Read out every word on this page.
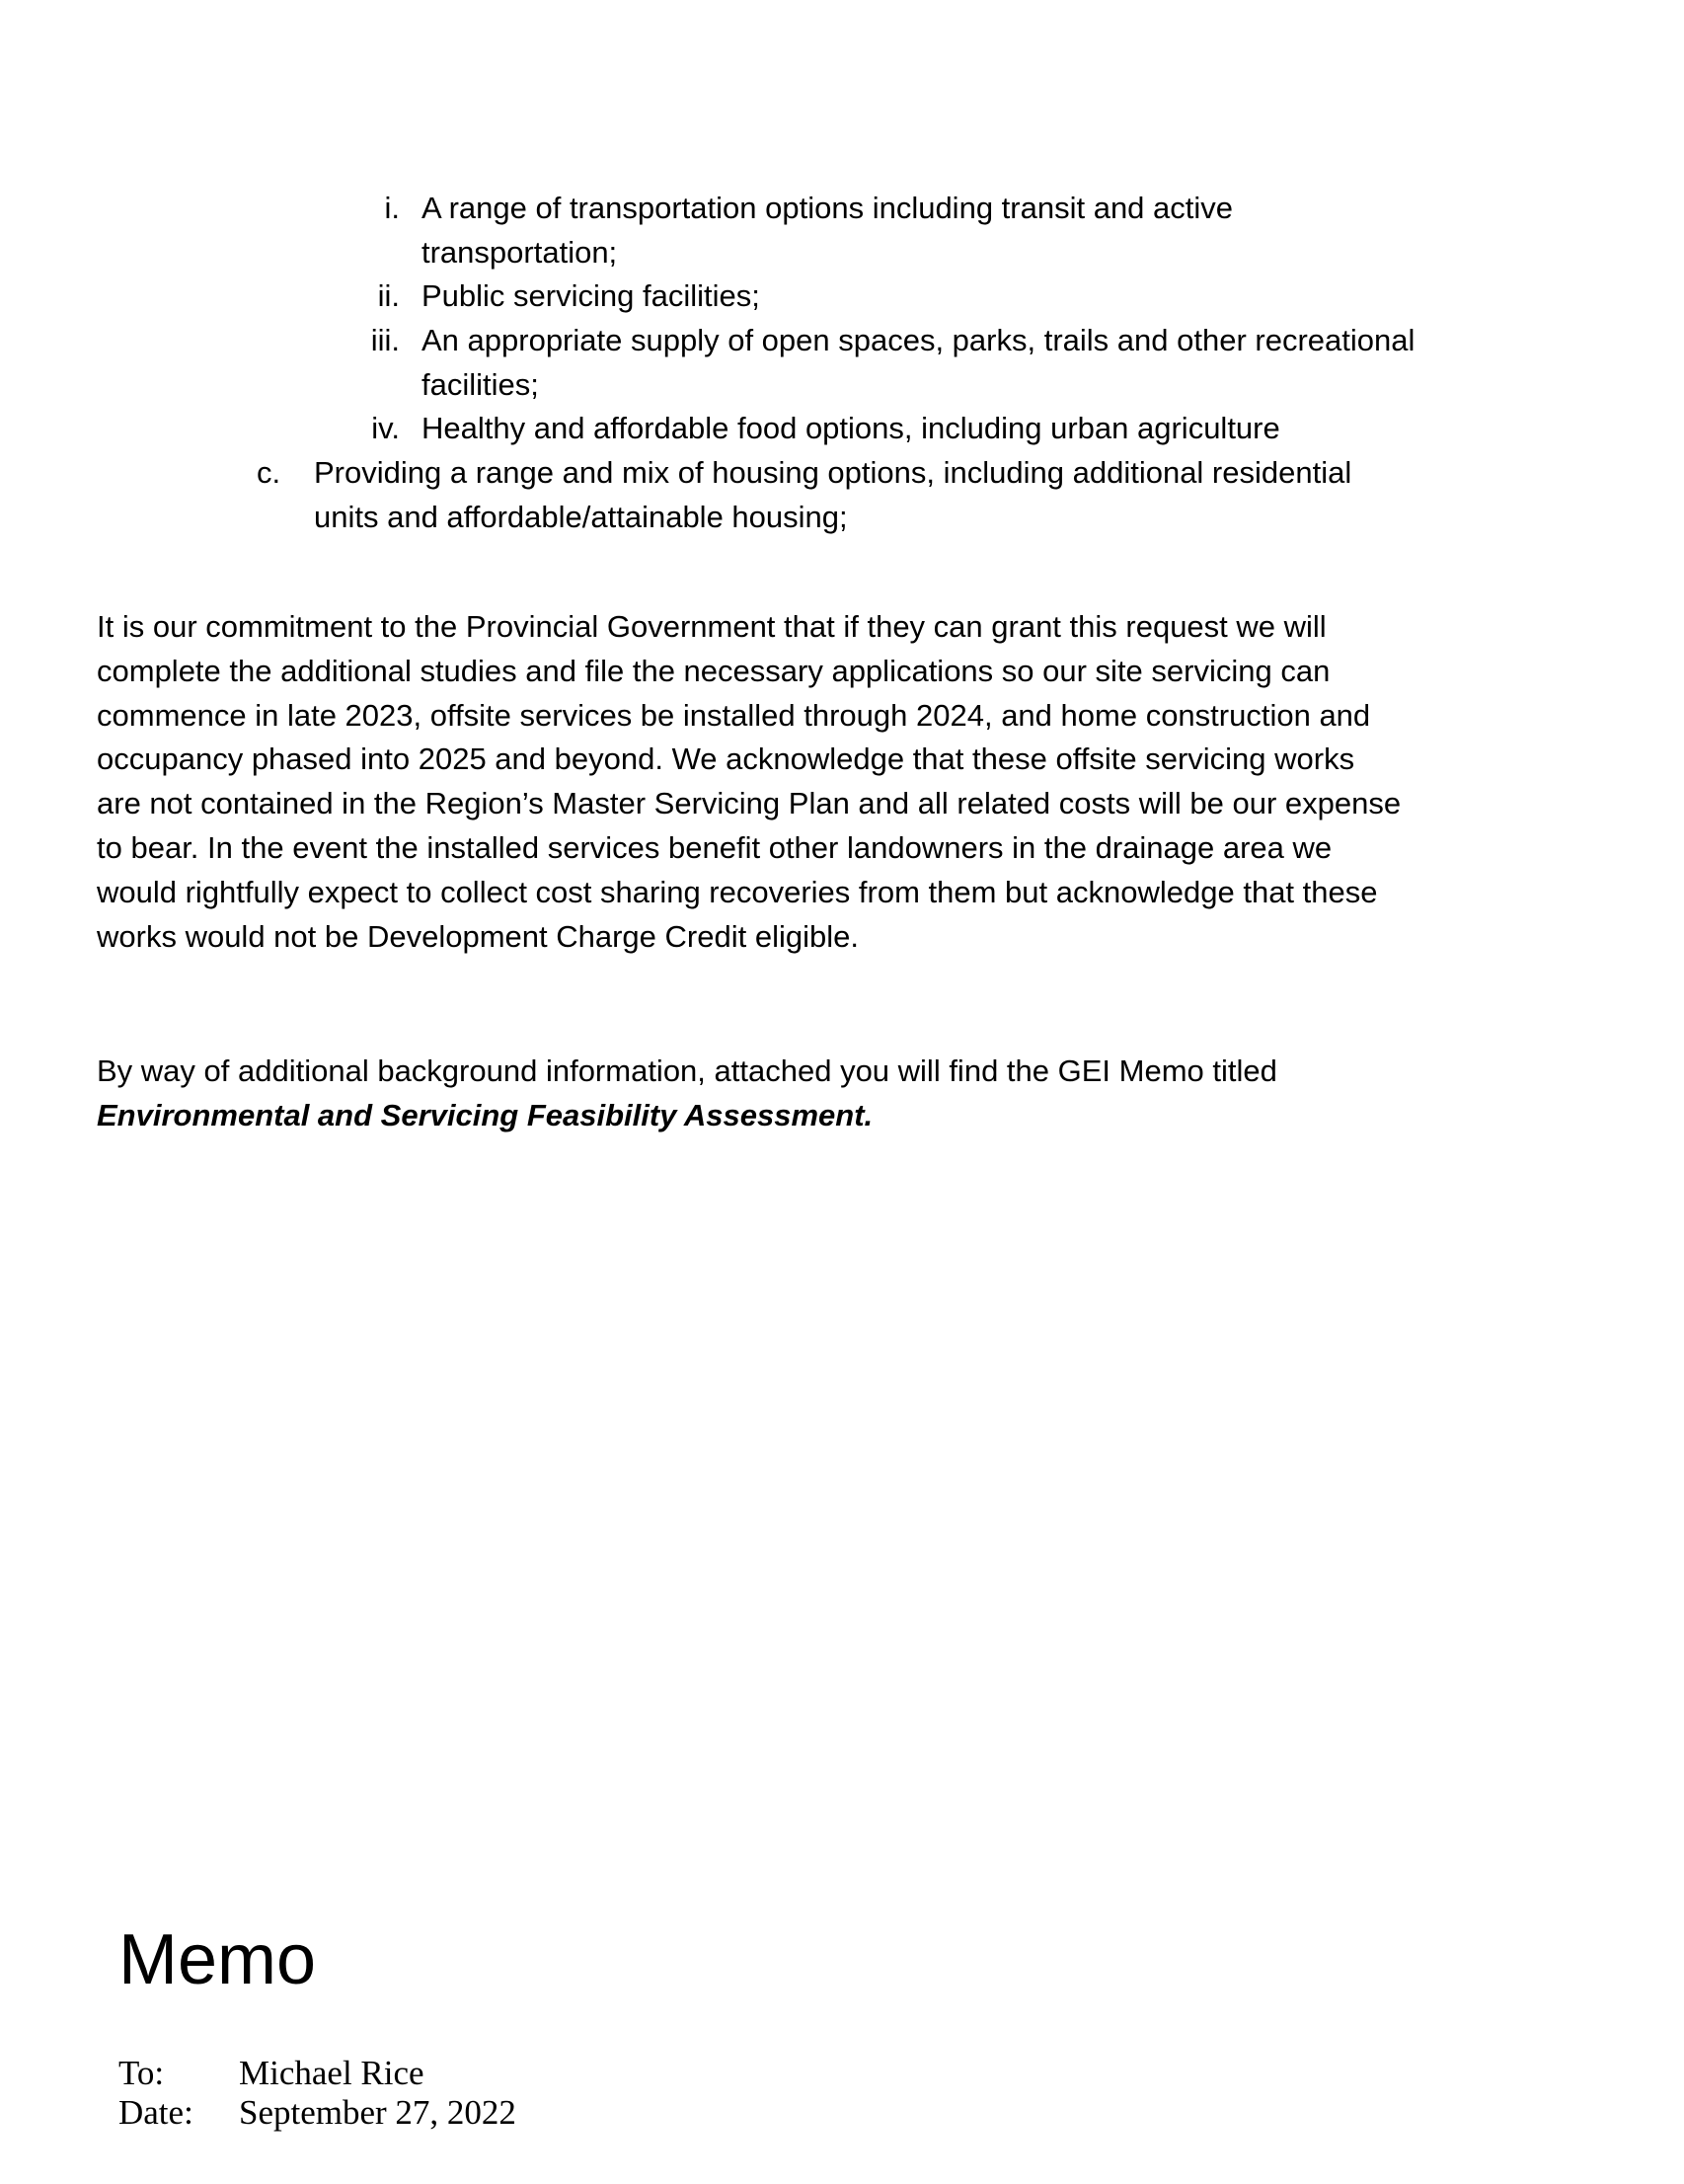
i. A range of transportation options including transit and active
transportation;
ii. Public servicing facilities;
iii. An appropriate supply of open spaces, parks, trails and other recreational
facilities;
iv. Healthy and affordable food options, including urban agriculture
c. Providing a range and mix of housing options, including additional residential
units and affordable/attainable housing;
It is our commitment to the Provincial Government that if they can grant this request we will
complete the additional studies and file the necessary applications so our site servicing can
commence in late 2023, offsite services be installed through 2024, and home construction and
occupancy phased into 2025 and beyond. We acknowledge that these offsite servicing works
are not contained in the Region’s Master Servicing Plan and all related costs will be our expense
to bear. In the event the installed services benefit other landowners in the drainage area we
would rightfully expect to collect cost sharing recoveries from them but acknowledge that these
works would not be Development Charge Credit eligible.
By way of additional background information, attached you will find the GEI Memo titled
Environmental and Servicing Feasibility Assessment.
Memo
To:	Michael Rice
Date:	September 27, 2022
